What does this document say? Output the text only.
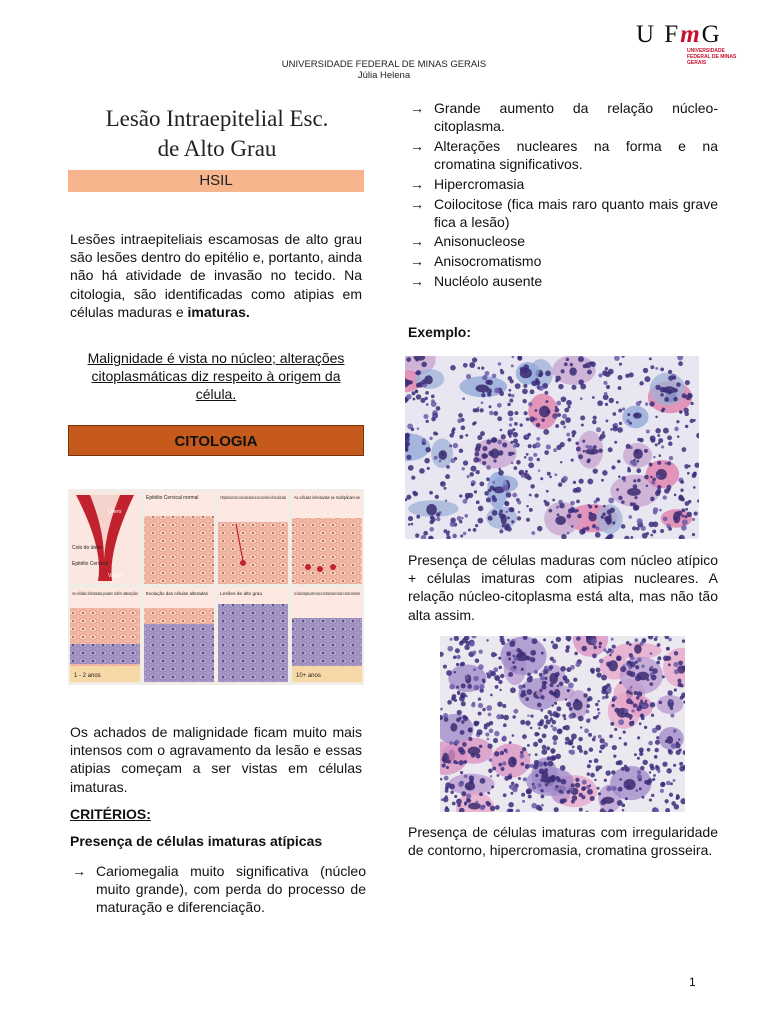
U FmG
UNIVERSIDADE FEDERAL DE MINAS GERAIS
UNIVERSIDADE FEDERAL DE MINAS GERAIS
Júlia Helena
Lesão Intraepitelial Esc.
de Alto Grau
HSIL
Lesões intraepiteliais escamosas de alto grau são lesões dentro do epitélio e, portanto, ainda não há atividade de invasão no tecido. Na citologia, são identificadas como atipias em células maduras e imaturas.
Malignidade é vista no núcleo; alterações citoplasmáticas diz respeito à origem da célula.
CITOLOGIA
Útero
Colo do útero
Epitélio Cervical
Vagina
Epitélio Cervical normal	O Papilomavírus entra no seu tecido através de uma microlesão e infecta célula basal As células infectadas se multiplicam-se
As células infectadas podem sofrer alterações
1 - 2 anos
Evolução das células alteradas Lesões de alto grau	As células malignas podem romper a membrana basal e invadir os tecidos envolventes
10+ anos
Os achados de malignidade ficam muito mais intensos com o agravamento da lesão e essas atipias começam a ser vistas em células imaturas.
CRITÉRIOS:
Presença de células imaturas atípicas
→ Cariomegalia muito significativa (núcleo muito grande), com perda do processo de maturação e diferenciação.
→ Grande aumento da relação núcleo-citoplasma.
→ Alterações nucleares na forma e na cromatina significativos.
→ Hipercromasia
→ Coilocitose (fica mais raro quanto mais grave fica a lesão)
→ Anisonucleose
→ Anisocromatismo
→ Nucléolo ausente
Exemplo:
Presença de células maduras com núcleo atípico + células imaturas com atipias nucleares. A relação núcleo-citoplasma está alta, mas não tão alta assim.
Presença de células imaturas com irregularidade de contorno, hipercromasia, cromatina grosseira.
1
